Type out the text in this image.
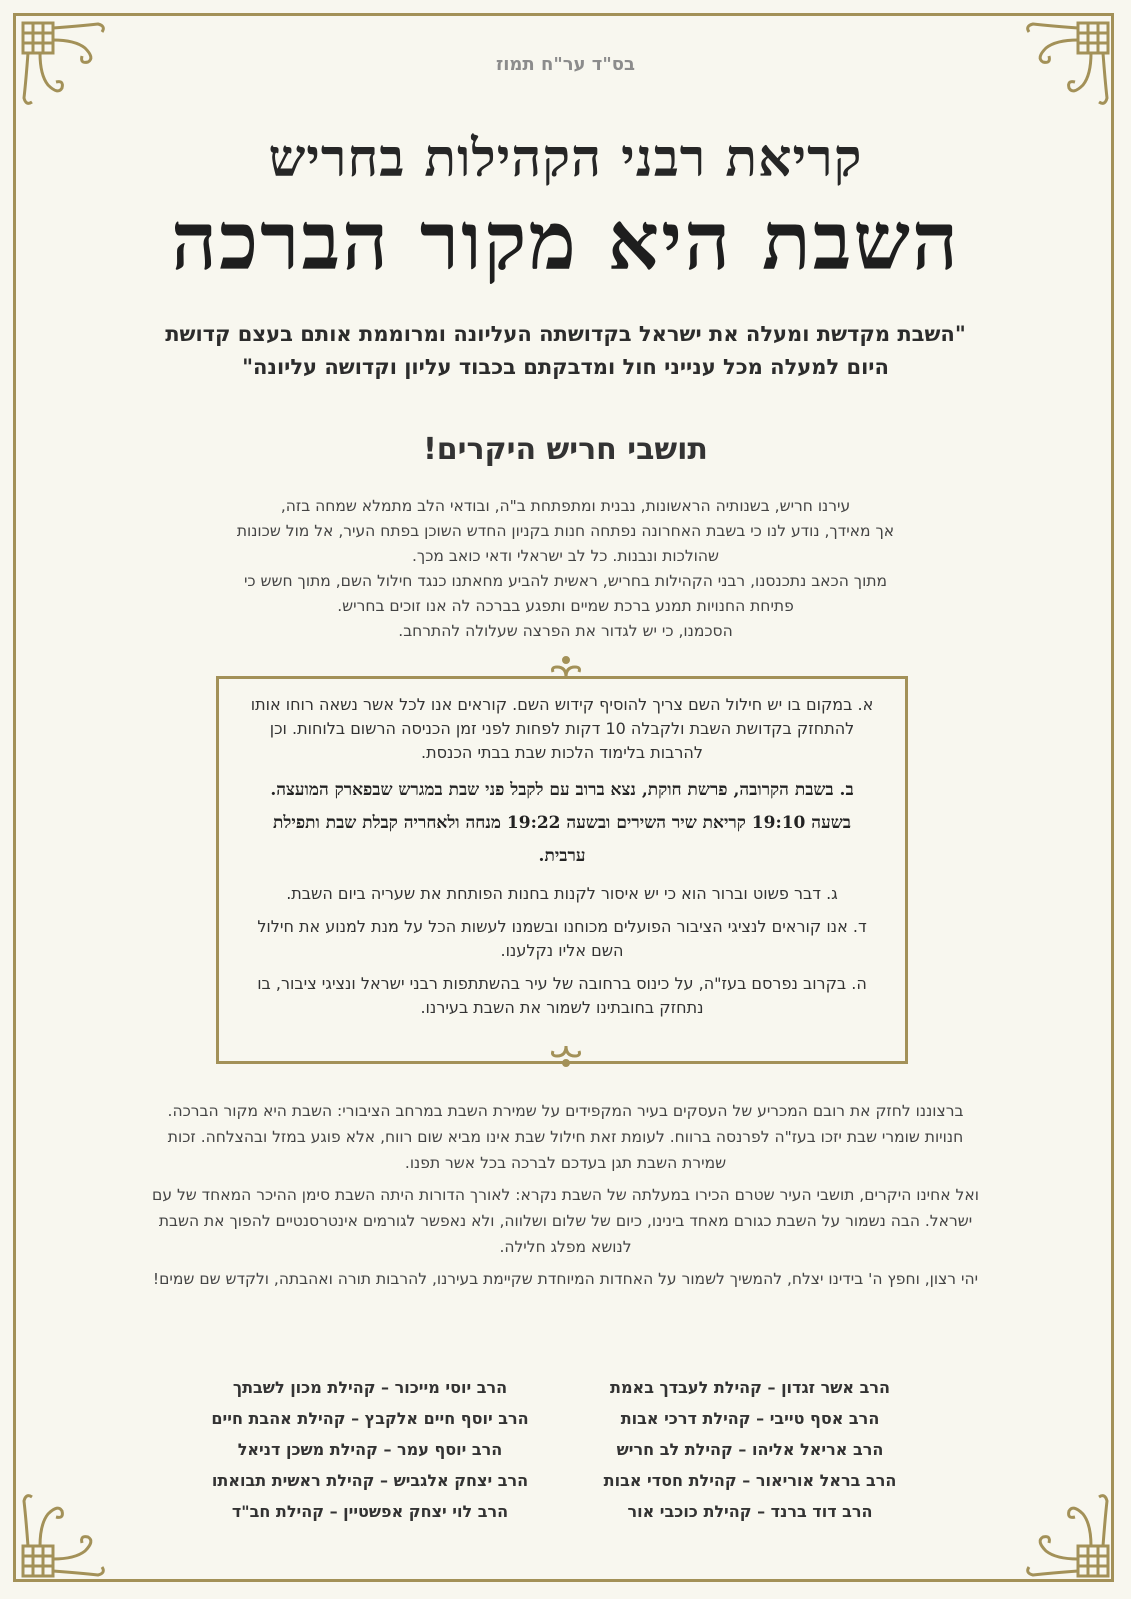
בס"ד ער"ח תמוז
קריאת רבני הקהילות בחריש
השבת היא מקור הברכה
"השבת מקדשת ומעלה את ישראל בקדושתה העליונה ומרוממת אותם בעצם קדושת
היום למעלה מכל ענייני חול ומדבקתם בכבוד עליון וקדושה עליונה"
תושבי חריש היקרים!

עירנו חריש, בשנותיה הראשונות, נבנית ומתפתחת ב"ה, ובודאי הלב מתמלא שמחה בזה,

אך מאידך, נודע לנו כי בשבת האחרונה נפתחה חנות בקניון החדש השוכן בפתח העיר, אל מול שכונות

שהולכות ונבנות. כל לב ישראלי ודאי כואב מכך.

מתוך הכאב נתכנסנו, רבני הקהילות בחריש, ראשית להביע מחאתנו כנגד חילול השם, מתוך חשש כי

פתיחת החנויות תמנע ברכת שמיים ותפגע בברכה לה אנו זוכים בחריש.

הסכמנו, כי יש לגדור את הפרצה שעלולה להתרחב.

א. במקום בו יש חילול השם צריך להוסיף קידוש השם. קוראים אנו לכל אשר נשאה רוחו אותו להתחזק בקדושת השבת ולקבלה 10 דקות לפחות לפני זמן הכניסה הרשום בלוחות. וכן להרבות בלימוד הלכות שבת בבתי הכנסת.

ב. בשבת הקרובה, פרשת חוקת, נצא ברוב עם לקבל פני שבת במגרש שבפארק המועצה. בשעה 19:10 קריאת שיר השירים ובשעה 19:22 מנחה ולאחריה קבלת שבת ותפילת ערבית.

ג. דבר פשוט וברור הוא כי יש איסור לקנות בחנות הפותחת את שעריה ביום השבת.

ד. אנו קוראים לנציגי הציבור הפועלים מכוחנו ובשמנו לעשות הכל על מנת למנוע את חילול השם אליו נקלענו.

ה. בקרוב נפרסם בעז"ה, על כינוס ברחובה של עיר בהשתתפות רבני ישראל ונציגי ציבור, בו נתחזק בחובתינו לשמור את השבת בעירנו.

ברצוננו לחזק את רובם המכריע של העסקים בעיר המקפידים על שמירת השבת במרחב הציבורי: השבת היא מקור הברכה. חנויות שומרי שבת יזכו בעז"ה לפרנסה ברווח. לעומת זאת חילול שבת אינו מביא שום רווח, אלא פוגע במזל ובהצלחה. זכות שמירת השבת תגן בעדכם לברכה בכל אשר תפנו.

ואל אחינו היקרים, תושבי העיר שטרם הכירו במעלתה של השבת נקרא: לאורך הדורות היתה השבת סימן ההיכר המאחד של עם ישראל. הבה נשמור על השבת כגורם מאחד בינינו, כיום של שלום ושלווה, ולא נאפשר לגורמים אינטרסנטיים להפוך את השבת לנושא מפלג חלילה.

יהי רצון, וחפץ ה' בידינו יצלח, להמשיך לשמור על האחדות המיוחדת שקיימת בעירנו, להרבות תורה ואהבתה, ולקדש שם שמים!

הרב אשר זגדון – קהילת לעבדך באמת
הרב אסף טייבי – קהילת דרכי אבות
הרב אריאל אליהו – קהילת לב חריש
הרב בראל אוריאור – קהילת חסדי אבות
הרב דוד ברנד – קהילת כוכבי אור
הרב יוסי מייכור – קהילת מכון לשבתך
הרב יוסף חיים אלקבץ – קהילת אהבת חיים
הרב יוסף עמר – קהילת משכן דניאל
הרב יצחק אלגביש – קהילת ראשית תבואתו
הרב לוי יצחק אפשטיין – קהילת חב"ד
